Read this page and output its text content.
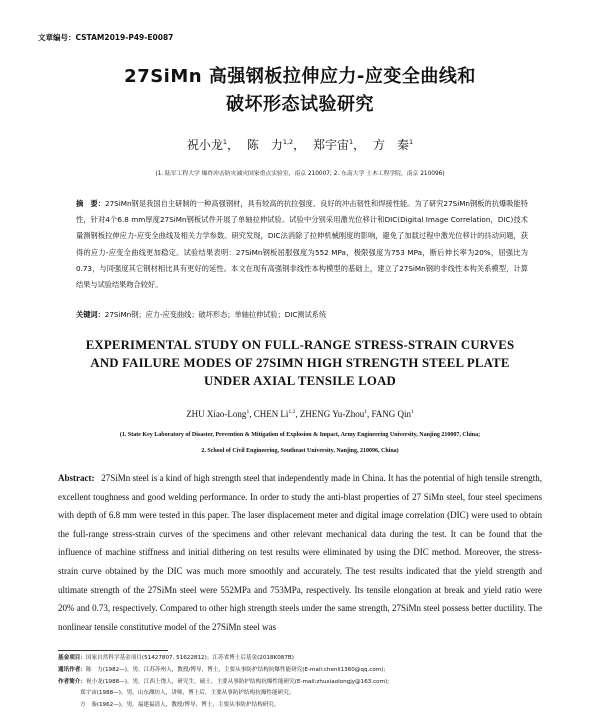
文章编号：CSTAM2019-P49-E0087
27SiMn 高强钢板拉伸应力-应变全曲线和
破坏形态试验研究
祝小龙$^1$， 陈　力$^{1,2}$， 郑宇宙$^1$， 方　秦$^1$
(1. 陆军工程大学 爆炸冲击防灾减灾国家重点实验室，南京 210007; 2. 东南大学 土木工程学院，南京 210096)
摘　要：27SiMn钢是我国自主研制的一种高强钢材，具有较高的抗拉强度、良好的冲击韧性和焊接性能。为了研究27SiMn钢板的抗爆吸能特性，针对4个6.8 mm厚度27SiMn钢板试件开展了单轴拉伸试验。试验中分别采用激光位移计和DIC(Digital Image Correlation，DIC)技术量测钢板拉伸应力-应变全曲线及相关力学参数。研究发现，DIC法消除了拉伸机械刚度的影响，避免了加载过程中激光位移计的抖动问题，获得的应力-应变全曲线更加稳定。试验结果表明：27SiMn钢板屈服强度为552 MPa，极限强度为753 MPa，断后伸长率为20%，屈强比为0.73，与同强度其它钢材相比具有更好的延性。本文在现有高强钢非线性本构模型的基础上，建立了27SiMn钢的非线性本构关系模型，计算结果与试验结果吻合较好。
关键词：27SiMn钢；应力-应变曲线；破坏形态；单轴拉伸试验；DIC测试系统
EXPERIMENTAL STUDY ON FULL-RANGE STRESS-STRAIN CURVES
AND FAILURE MODES OF 27SIMN HIGH STRENGTH STEEL PLATE
UNDER AXIAL TENSILE LOAD
ZHU Xiao-Long$^1$, CHEN Li$^{1,2}$, ZHENG Yu-Zhou$^1$, FANG Qin$^1$
(1. State Key Laboratory of Disaster, Prevention & Mitigation of Explosion & Impact, Army Engineering University, Nanjing 210007, China;
2. School of Civil Engineering, Southeast University, Nanjing, 210096, China)
Abstract: 27SiMn steel is a kind of high strength steel that independently made in China. It has the potential of high tensile strength, excellent toughness and good welding performance. In order to study the anti-blast properties of 27 SiMn steel, four steel specimens with depth of 6.8 mm were tested in this paper. The laser displacement meter and digital image correlation (DIC) were used to obtain the full-range stress-strain curves of the specimens and other relevant mechanical data during the test. It can be found that the influence of machine stiffness and initial dithering on test results were eliminated by using the DIC method. Moreover, the stress-strain curve obtained by the DIC was much more smoothly and accurately. The test results indicated that the yield strength and ultimate strength of the 27SiMn steel were 552MPa and 753MPa, respectively. Its tensile elongation at break and yield ratio were 20% and 0.73, respectively. Compared to other high strength steels under the same strength, 27SiMn steel possess better ductility. The nonlinear tensile constitutive model of the 27SiMn steel was
基金项目：国家自然科学基金项目(51427807, 51622812)；江苏省博士后基金(2018K087B)
通讯作者：陈　力(1982—)，男，江苏苏州人，教授/博导，博士，主要从事防护结构抗爆性能研究(E-mail:chenli1360@qq.com);
作者简介：祝小龙(1988—)，男，江西上饶人，研究生，硕士，主要从事防护结构抗爆性能研究(E-mail:zhuxiaolongjy@163.com);
郑宇宙(1988—)，男，山东潍坊人，讲师，博士后，主要从事防护结构抗爆性能研究；
方　秦(1962—)，男，福建福清人，教授/博导，博士，主要从事防护结构研究。
